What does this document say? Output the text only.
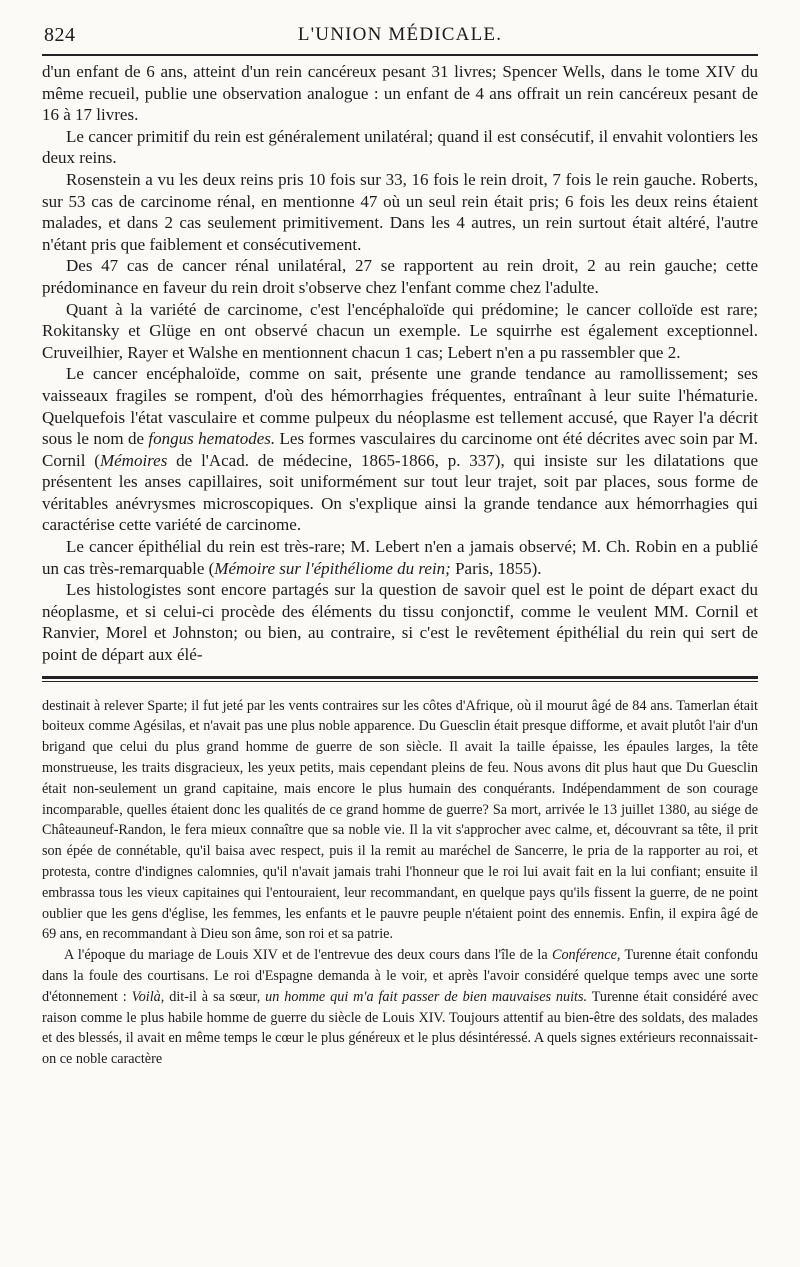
824	L'UNION MÉDICALE.

d'un enfant de 6 ans, atteint d'un rein cancéreux pesant 31 livres; Spencer Wells, dans le tome XIV du même recueil, publie une observation analogue : un enfant de 4 ans offrait un rein cancéreux pesant de 16 à 17 livres.

Le cancer primitif du rein est généralement unilatéral; quand il est consécutif, il envahit volontiers les deux reins.

Rosenstein a vu les deux reins pris 10 fois sur 33, 16 fois le rein droit, 7 fois le rein gauche. Roberts, sur 53 cas de carcinome rénal, en mentionne 47 où un seul rein était pris; 6 fois les deux reins étaient malades, et dans 2 cas seulement primitivement. Dans les 4 autres, un rein surtout était altéré, l'autre n'étant pris que faiblement et consécutivement.

Des 47 cas de cancer rénal unilatéral, 27 se rapportent au rein droit, 2 au rein gauche; cette prédominance en faveur du rein droit s'observe chez l'enfant comme chez l'adulte.

Quant à la variété de carcinome, c'est l'encéphaloïde qui prédomine; le cancer colloïde est rare; Rokitansky et Glüge en ont observé chacun un exemple. Le squirrhe est également exceptionnel. Cruveilhier, Rayer et Walshe en mentionnent chacun 1 cas; Lebert n'en a pu rassembler que 2.

Le cancer encéphaloïde, comme on sait, présente une grande tendance au ramollissement; ses vaisseaux fragiles se rompent, d'où des hémorrhagies fréquentes, entraînant à leur suite l'hématurie. Quelquefois l'état vasculaire et comme pulpeux du néoplasme est tellement accusé, que Rayer l'a décrit sous le nom de fongus hematodes. Les formes vasculaires du carcinome ont été décrites avec soin par M. Cornil (Mémoires de l'Acad. de médecine, 1865-1866, p. 337), qui insiste sur les dilatations que présentent les anses capillaires, soit uniformément sur tout leur trajet, soit par places, sous forme de véritables anévrysmes microscopiques. On s'explique ainsi la grande tendance aux hémorrhagies qui caractérise cette variété de carcinome.

Le cancer épithélial du rein est très-rare; M. Lebert n'en a jamais observé; M. Ch. Robin en a publié un cas très-remarquable (Mémoire sur l'épithéliome du rein; Paris, 1855).

Les histologistes sont encore partagés sur la question de savoir quel est le point de départ exact du néoplasme, et si celui-ci procède des éléments du tissu conjonctif, comme le veulent MM. Cornil et Ranvier, Morel et Johnston; ou bien, au contraire, si c'est le revêtement épithélial du rein qui sert de point de départ aux élé-

destinait à relever Sparte; il fut jeté par les vents contraires sur les côtes d'Afrique, où il mourut âgé de 84 ans. Tamerlan était boiteux comme Agésilas, et n'avait pas une plus noble apparence. Du Guesclin était presque difforme, et avait plutôt l'air d'un brigand que celui du plus grand homme de guerre de son siècle. Il avait la taille épaisse, les épaules larges, la tête monstrueuse, les traits disgracieux, les yeux petits, mais cependant pleins de feu. Nous avons dit plus haut que Du Guesclin était non-seulement un grand capitaine, mais encore le plus humain des conquérants. Indépendamment de son courage incomparable, quelles étaient donc les qualités de ce grand homme de guerre? Sa mort, arrivée le 13 juillet 1380, au siége de Châteauneuf-Randon, le fera mieux connaître que sa noble vie. Il la vit s'approcher avec calme, et, découvrant sa tête, il prit son épée de connétable, qu'il baisa avec respect, puis il la remit au maréchel de Sancerre, le pria de la rapporter au roi, et protesta, contre d'indignes calomnies, qu'il n'avait jamais trahi l'honneur que le roi lui avait fait en la lui confiant; ensuite il embrassa tous les vieux capitaines qui l'entouraient, leur recommandant, en quelque pays qu'ils fissent la guerre, de ne point oublier que les gens d'église, les femmes, les enfants et le pauvre peuple n'étaient point des ennemis. Enfin, il expira âgé de 69 ans, en recommandant à Dieu son âme, son roi et sa patrie.

A l'époque du mariage de Louis XIV et de l'entrevue des deux cours dans l'île de la Conférence, Turenne était confondu dans la foule des courtisans. Le roi d'Espagne demanda à le voir, et après l'avoir considéré quelque temps avec une sorte d'étonnement : Voilà, dit-il à sa sœur, un homme qui m'a fait passer de bien mauvaises nuits. Turenne était considéré avec raison comme le plus habile homme de guerre du siècle de Louis XIV. Toujours attentif au bien-être des soldats, des malades et des blessés, il avait en même temps le cœur le plus généreux et le plus désintéressé. A quels signes extérieurs reconnaissait-on ce noble caractère
